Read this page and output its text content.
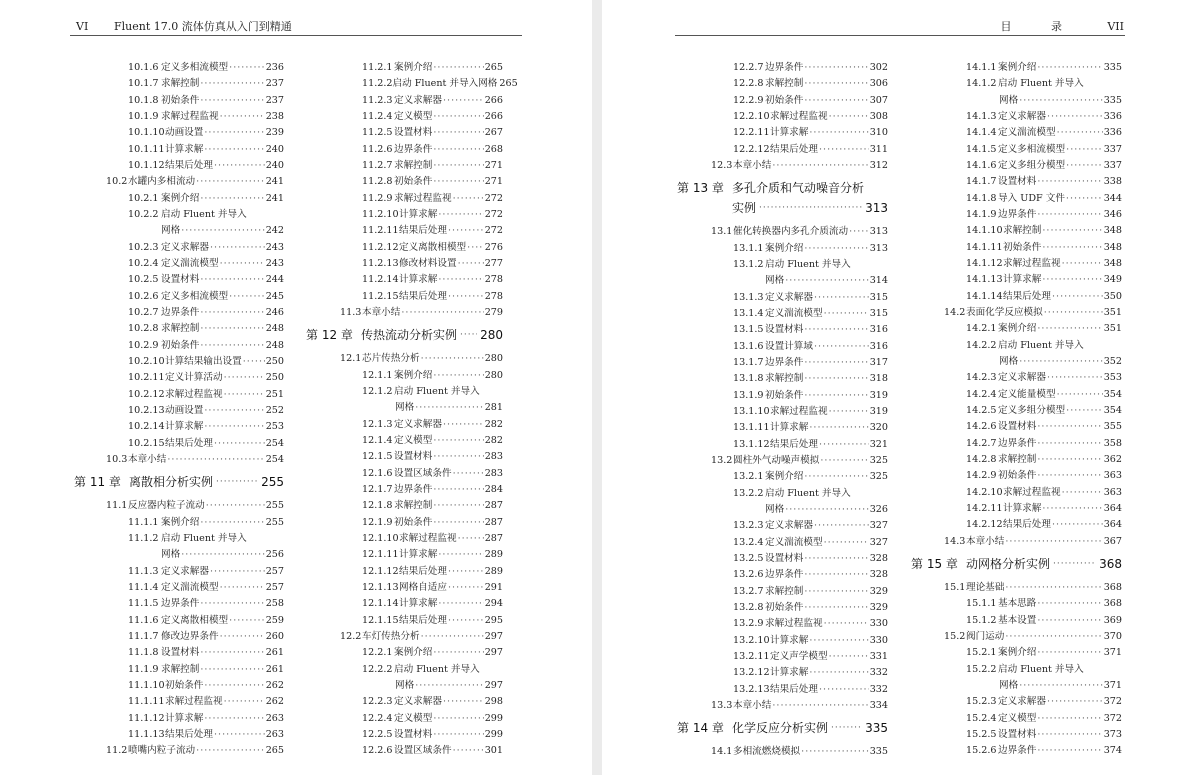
VI Fluent 17.0 流体仿真从入门到精通	目 录 VII
10.1.6 定义多相流模型 ·····	236
10.1.7 求解控制 ·····	237
10.1.8 初始条件 ·····	237
10.1.9 求解过程监视 ·····	238
10.1.10 动画设置 ·····	239
10.1.11 计算求解 ·····	240
10.1.12 结果后处理 ·····	240
10.2 水罐内多相流动 ·····	241
10.2.1 案例介绍 ·····	241
10.2.2 启动 Fluent 并导入
网格 ·····	242
10.2.3 定义求解器 ·····	243
10.2.4 定义湍流模型 ·····	243
10.2.5 设置材料 ·····	244
10.2.6 定义多相流模型 ·····	245
10.2.7 边界条件 ·····	246
10.2.8 求解控制 ·····	248
10.2.9 初始条件 ·····	248
10.2.10 计算结果输出设置 ····· 250
10.2.11 定义计算活动 ·····	250
10.2.12 求解过程监视 ·····	251
10.2.13 动画设置 ·····	252
10.2.14 计算求解 ·····	253
10.2.15 结果后处理 ·····	254
10.3 本章小结 ·····	254
第 11 章 离散相分析实例 ·····	255
11.1 反应器内粒子流动 ·····	255
11.1.1 案例介绍 ·····	255
11.1.2 启动 Fluent 并导入
网格 ·····	256
11.1.3 定义求解器 ·····	257
11.1.4 定义湍流模型 ·····	257
11.1.5 边界条件 ·····	258
11.1.6 定义离散相模型 ·····	259
11.1.7 修改边界条件 ·····	260
11.1.8 设置材料 ·····	261
11.1.9 求解控制 ·····	261
11.1.10 初始条件 ·····	262
11.1.11 求解过程监视 ·····	262
11.1.12 计算求解 ·····	263
11.1.13 结果后处理 ·····	263
11.2 喷嘴内粒子流动 ·····	265
11.2.1 案例介绍 ·····	265
11.2.2 启动 Fluent 并导入网格 265
11.2.3 定义求解器 ·····	266
11.2.4 定义模型 ·····	266
11.2.5 设置材料 ·····	267
11.2.6 边界条件 ·····	268
11.2.7 求解控制 ·····	271
11.2.8 初始条件 ·····	271
11.2.9 求解过程监视 ·····	272
11.2.10 计算求解 ·····	272
11.2.11 结果后处理 ·····	272
11.2.12 定义离散相模型 ····· 276
11.2.13 修改材料设置 ·····	277
11.2.14 计算求解 ·····	278
11.2.15 结果后处理 ·····	278
11.3 本章小结 ·····	279
第 12 章 传热流动分析实例 ····· 280
12.1 芯片传热分析 ·····	280
12.1.1 案例介绍 ·····	280
12.1.2 启动 Fluent 并导入
网格 ·····	281
12.1.3 定义求解器 ·····	282
12.1.4 定义模型 ·····	282
12.1.5 设置材料 ·····	283
12.1.6 设置区域条件 ·····	283
12.1.7 边界条件 ·····	284
12.1.8 求解控制 ·····	287
12.1.9 初始条件 ·····	287
12.1.10 求解过程监视 ·····	287
12.1.11 计算求解 ·····	289
12.1.12 结果后处理 ·····	289
12.1.13 网格自适应 ·····	291
12.1.14 计算求解 ·····	294
12.1.15 结果后处理 ·····	295
12.2 车灯传热分析 ·····	297
12.2.1 案例介绍 ·····	297
12.2.2 启动 Fluent 并导入
网格 ·····	297
12.2.3 定义求解器 ·····	298
12.2.4 定义模型 ·····	299
12.2.5 设置材料 ·····	299
12.2.6 设置区域条件 ·····	301
12.2.7 边界条件 ·····	302
12.2.8 求解控制 ·····	306
12.2.9 初始条件 ·····	307
12.2.10 求解过程监视 ·····	308
12.2.11 计算求解 ·····	310
12.2.12 结果后处理 ·····	311
12.3 本章小结 ·····	312
第 13 章 多孔介质和气动噪音分析
实例 ·····	313
13.1 催化转换器内多孔介质流动 ····· 313
13.1.1 案例介绍 ·····	313
13.1.2 启动 Fluent 并导入
网格 ·····	314
13.1.3 定义求解器 ·····	315
13.1.4 定义湍流模型 ·····	315
13.1.5 设置材料 ·····	316
13.1.6 设置计算域 ·····	316
13.1.7 边界条件 ·····	317
13.1.8 求解控制 ·····	318
13.1.9 初始条件 ·····	319
13.1.10 求解过程监视 ·····	319
13.1.11 计算求解 ·····	320
13.1.12 结果后处理 ·····	321
13.2 圆柱外气动噪声模拟 ·····	325
13.2.1 案例介绍 ·····	325
13.2.2 启动 Fluent 并导入
网格 ·····	326
13.2.3 定义求解器 ·····	327
13.2.4 定义湍流模型 ·····	327
13.2.5 设置材料 ·····	328
13.2.6 边界条件 ·····	328
13.2.7 求解控制 ·····	329
13.2.8 初始条件 ·····	329
13.2.9 求解过程监视 ·····	330
13.2.10 计算求解 ·····	330
13.2.11 定义声学模型 ·····	331
13.2.12 计算求解 ·····	332
13.2.13 结果后处理 ·····	332
13.3 本章小结 ·····	334
第 14 章 化学反应分析实例 ·····	335
14.1 多相流燃烧模拟 ·····	335
14.1.1 案例介绍 ·····	335
14.1.2 启动 Fluent 并导入
网格 ·····	335
14.1.3 定义求解器 ·····	336
14.1.4 定义湍流模型 ·····	336
14.1.5 定义多相流模型 ·····	337
14.1.6 定义多组分模型 ·····	337
14.1.7 设置材料 ·····	338
14.1.8 导入 UDF 文件 ·····	344
14.1.9 边界条件 ·····	346
14.1.10 求解控制 ·····	348
14.1.11 初始条件 ·····	348
14.1.12 求解过程监视 ·····	348
14.1.13 计算求解 ·····	349
14.1.14 结果后处理 ·····	350
14.2 表面化学反应模拟 ·····	351
14.2.1 案例介绍 ·····	351
14.2.2 启动 Fluent 并导入
网格 ·····	352
14.2.3 定义求解器 ·····	353
14.2.4 定义能量模型 ·····	354
14.2.5 定义多组分模型 ·····	354
14.2.6 设置材料 ·····	355
14.2.7 边界条件 ·····	358
14.2.8 求解控制 ·····	362
14.2.9 初始条件 ·····	363
14.2.10 求解过程监视 ·····	363
14.2.11 计算求解 ·····	364
14.2.12 结果后处理 ·····	364
14.3 本章小结 ·····	367
第 15 章 动网格分析实例 ·····	368
15.1 理论基础 ·····	368
15.1.1 基本思路 ·····	368
15.1.2 基本设置 ·····	369
15.2 阀门运动 ·····	370
15.2.1 案例介绍 ·····	371
15.2.2 启动 Fluent 并导入
网格 ·····	371
15.2.3 定义求解器 ·····	372
15.2.4 定义模型 ·····	372
15.2.5 设置材料 ·····	373
15.2.6 边界条件 ·····	374
